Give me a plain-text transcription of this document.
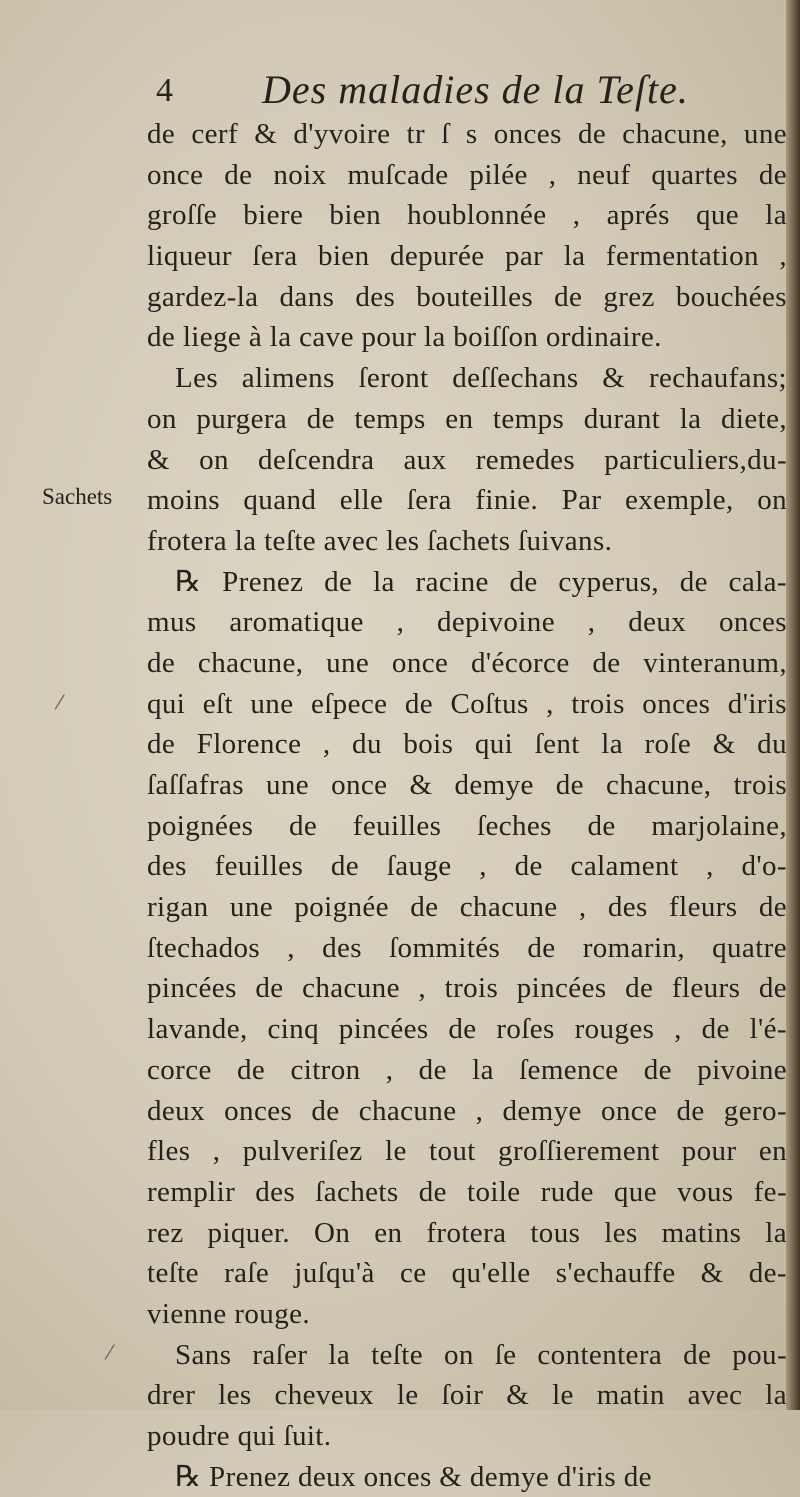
4 Des maladies de la Teſte.
Sachets
de cerf & d'yvoire tr ſ s onces de chacune, une
once de noix muſcade pilée , neuf quartes de
groſſe biere bien houblonnée , aprés que la
liqueur ſera bien depurée par la fermentation ,
gardez-la dans des bouteilles de grez bouchées
de liege à la cave pour la boiſſon ordinaire.
Les alimens ſeront deſſechans & rechaufans;
on purgera de temps en temps durant la diete,
& on deſcendra aux remedes particuliers,du-
moins quand elle ſera finie. Par exemple, on
frotera la teſte avec les ſachets ſuivans.
℞ Prenez de la racine de cyperus, de cala-
mus aromatique , depivoine , deux onces
de chacune, une once d'écorce de vinteranum,
qui eſt une eſpece de Coſtus , trois onces d'iris
de Florence , du bois qui ſent la roſe & du
ſaſſafras une once & demye de chacune, trois
poignées de feuilles ſeches de marjolaine,
des feuilles de ſauge , de calament , d'o-
rigan une poignée de chacune , des fleurs de
ſtechados , des ſommités de romarin, quatre
pincées de chacune , trois pincées de fleurs de
lavande, cinq pincées de roſes rouges , de l'é-
corce de citron , de la ſemence de pivoine
deux onces de chacune , demye once de gero-
fles , pulveriſez le tout groſſierement pour en
remplir des ſachets de toile rude que vous fe-
rez piquer. On en frotera tous les matins la
teſte raſe juſqu'à ce qu'elle s'echauffe & de-
vienne rouge.
Sans raſer la teſte on ſe contentera de pou-
drer les cheveux le ſoir & le matin avec la
poudre qui ſuit.
℞ Prenez deux onces & demye d'iris de
⁄
⁄
